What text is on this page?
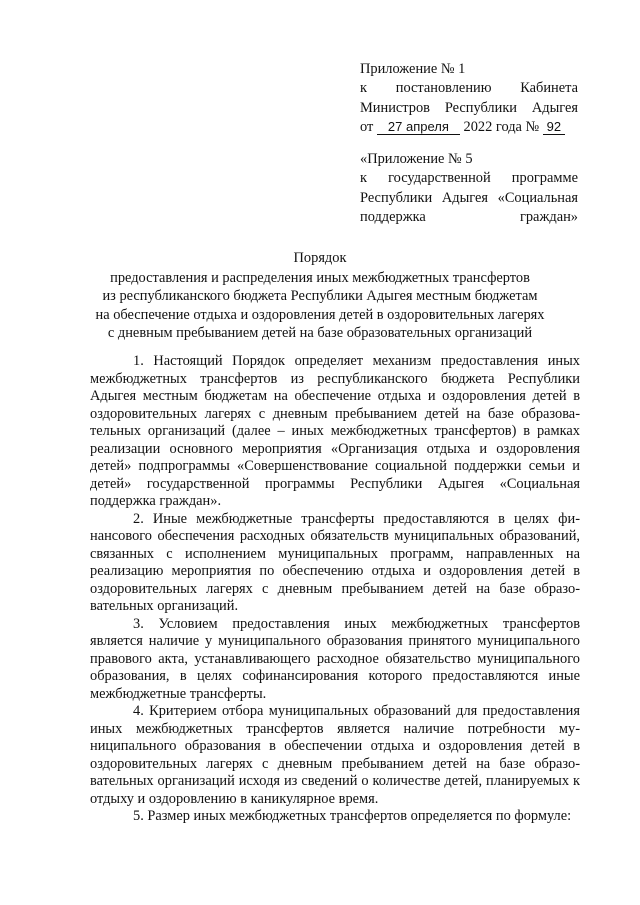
Приложение № 1
к постановлению Кабинета
Министров Республики Адыгея
от 27 апреля 2022 года № 92
«Приложение № 5
к государственной программе
Республики Адыгея «Социальная
поддержка граждан»
Порядок
предоставления и распределения иных межбюджетных трансфертов
из республиканского бюджета Республики Адыгея местным бюджетам
на обеспечение отдыха и оздоровления детей в оздоровительных лагерях
с дневным пребыванием детей на базе образовательных организаций

1. Настоящий Порядок определяет механизм предоставления иных межбюджетных трансфертов из республиканского бюджета Республики Адыгея местным бюджетам на обеспечение отдыха и оздоровления детей в оздоровительных лагерях с дневным пребыванием детей на базе образовательных организаций (далее – иных межбюджетных трансфертов) в рамках реализации основного мероприятия «Организация отдыха и оздоровления детей» подпрограммы «Совершенствование социальной поддержки семьи и детей» государственной программы Республики Адыгея «Социальная поддержка граждан».

2. Иные межбюджетные трансферты предоставляются в целях финансового обеспечения расходных обязательств муниципальных образований, связанных с исполнением муниципальных программ, направленных на реализацию мероприятия по обеспечению отдыха и оздоровления детей в оздоровительных лагерях с дневным пребыванием детей на базе образовательных организаций.

3. Условием предоставления иных межбюджетных трансфертов является наличие у муниципального образования принятого муниципального правового акта, устанавливающего расходное обязательство муниципального образования, в целях софинансирования которого предоставляются иные межбюджетные трансферты.

4. Критерием отбора муниципальных образований для предоставления иных межбюджетных трансфертов является наличие потребности муниципального образования в обеспечении отдыха и оздоровления детей в оздоровительных лагерях с дневным пребыванием детей на базе образовательных организаций исходя из сведений о количестве детей, планируемых к отдыху и оздоровлению в каникулярное время.

5. Размер иных межбюджетных трансфертов определяется по формуле:
